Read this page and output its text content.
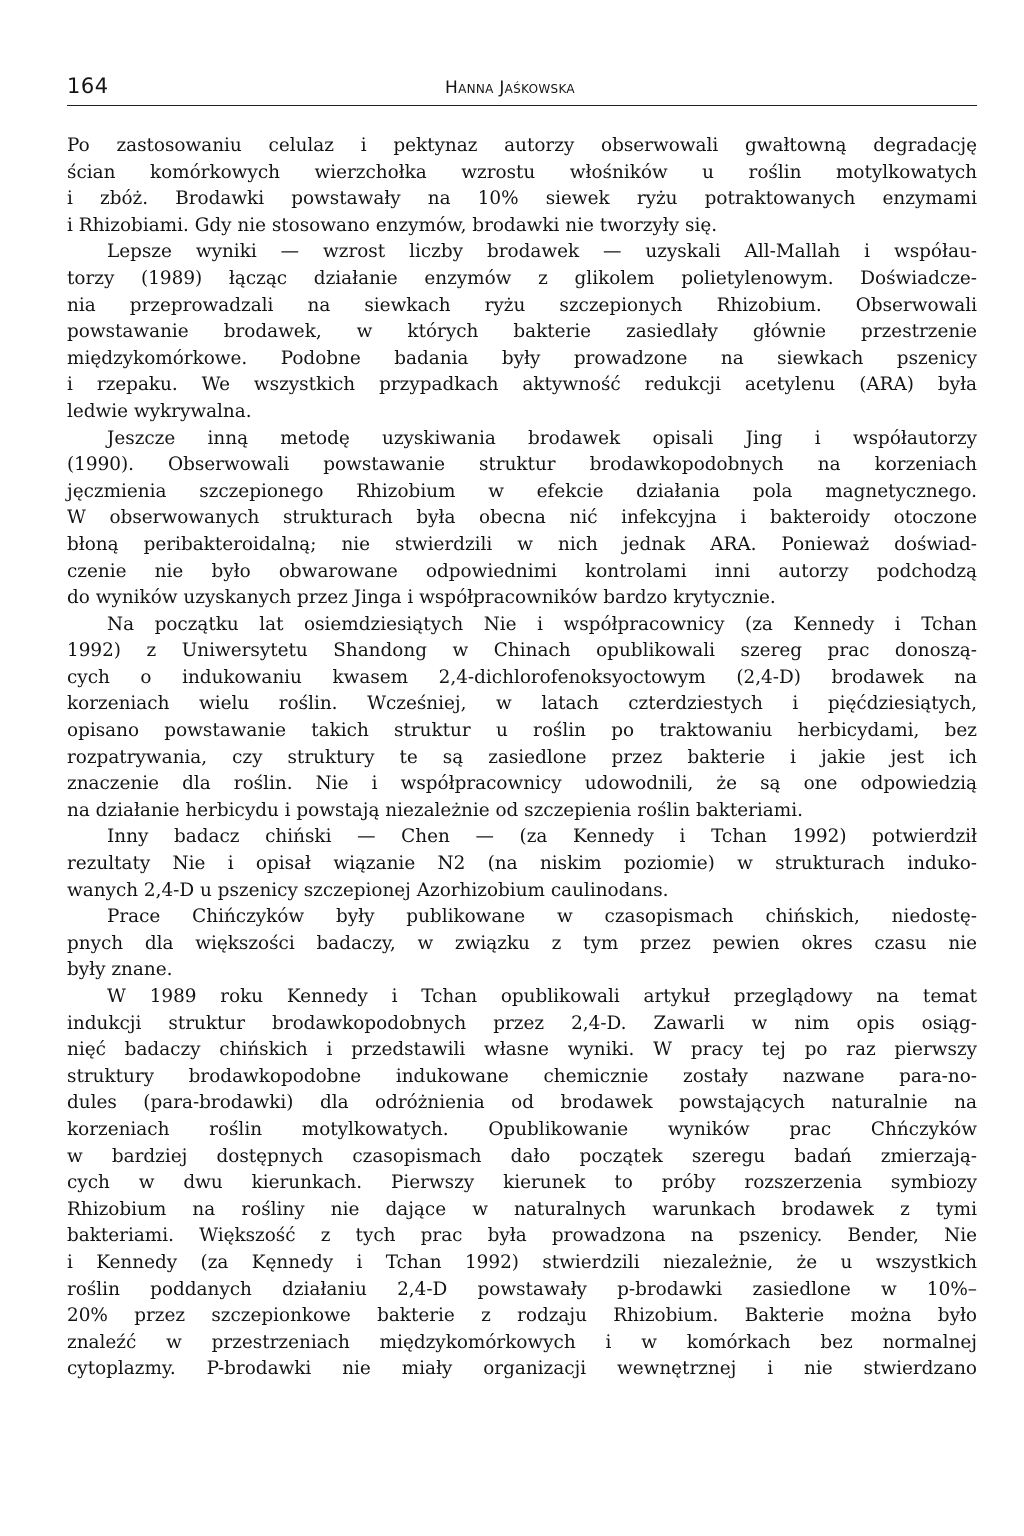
164	Hanna Jaśkowska
Po zastosowaniu celulaz i pektynaz autorzy obserwowali gwałtowną degradację
ścian komórkowych wierzchołka wzrostu włośników u roślin motylkowatych
i zbóż. Brodawki powstawały na 10% siewek ryżu potraktowanych enzymami
i Rhizobiami. Gdy nie stosowano enzymów, brodawki nie tworzyły się.
Lepsze wyniki — wzrost liczby brodawek — uzyskali All-Mallah i współau-
torzy (1989) łącząc działanie enzymów z glikolem polietylenowym. Doświadcze-
nia przeprowadzali na siewkach ryżu szczepionych Rhizobium. Obserwowali
powstawanie brodawek, w których bakterie zasiedlały głównie przestrzenie
międzykomórkowe. Podobne badania były prowadzone na siewkach pszenicy
i rzepaku. We wszystkich przypadkach aktywność redukcji acetylenu (ARA) była
ledwie wykrywalna.
Jeszcze inną metodę uzyskiwania brodawek opisali Jing i współautorzy
(1990). Obserwowali powstawanie struktur brodawkopodobnych na korzeniach
jęczmienia szczepionego Rhizobium w efekcie działania pola magnetycznego.
W obserwowanych strukturach była obecna nić infekcyjna i bakteroidy otoczone
błoną peribakteroidalną; nie stwierdzili w nich jednak ARA. Ponieważ doświad-
czenie nie było obwarowane odpowiednimi kontrolami inni autorzy podchodzą
do wyników uzyskanych przez Jinga i współpracowników bardzo krytycznie.
Na początku lat osiemdziesiątych Nie i współpracownicy (za Kennedy i Tchan
1992) z Uniwersytetu Shandong w Chinach opublikowali szereg prac donoszą-
cych o indukowaniu kwasem 2,4-dichlorofenoksyoctowym (2,4-D) brodawek na
korzeniach wielu roślin. Wcześniej, w latach czterdziestych i pięćdziesiątych,
opisano powstawanie takich struktur u roślin po traktowaniu herbicydami, bez
rozpatrywania, czy struktury te są zasiedlone przez bakterie i jakie jest ich
znaczenie dla roślin. Nie i współpracownicy udowodnili, że są one odpowiedzią
na działanie herbicydu i powstają niezależnie od szczepienia roślin bakteriami.
Inny badacz chiński — Chen — (za Kennedy i Tchan 1992) potwierdził
rezultaty Nie i opisał wiązanie N2 (na niskim poziomie) w strukturach induko-
wanych 2,4-D u pszenicy szczepionej Azorhizobium caulinodans.
Prace Chińczyków były publikowane w czasopismach chińskich, niedostę-
pnych dla większości badaczy, w związku z tym przez pewien okres czasu nie
były znane.
W 1989 roku Kennedy i Tchan opublikowali artykuł przeglądowy na temat
indukcji struktur brodawkopodobnych przez 2,4-D. Zawarli w nim opis osiąg-
nięć badaczy chińskich i przedstawili własne wyniki. W pracy tej po raz pierwszy
struktury brodawkopodobne indukowane chemicznie zostały nazwane para-no-
dules (para-brodawki) dla odróżnienia od brodawek powstających naturalnie na
korzeniach roślin motylkowatych. Opublikowanie wyników prac Chńczyków
w bardziej dostępnych czasopismach dało początek szeregu badań zmierzają-
cych w dwu kierunkach. Pierwszy kierunek to próby rozszerzenia symbiozy
Rhizobium na rośliny nie dające w naturalnych warunkach brodawek z tymi
bakteriami. Większość z tych prac była prowadzona na pszenicy. Bender, Nie
i Kennedy (za Kęnnedy i Tchan 1992) stwierdzili niezależnie, że u wszystkich
roślin poddanych działaniu 2,4-D powstawały p-brodawki zasiedlone w 10%–
20% przez szczepionkowe bakterie z rodzaju Rhizobium. Bakterie można było
znaleźć w przestrzeniach międzykomórkowych i w komórkach bez normalnej
cytoplazmy. P-brodawki nie miały organizacji wewnętrznej i nie stwierdzano
